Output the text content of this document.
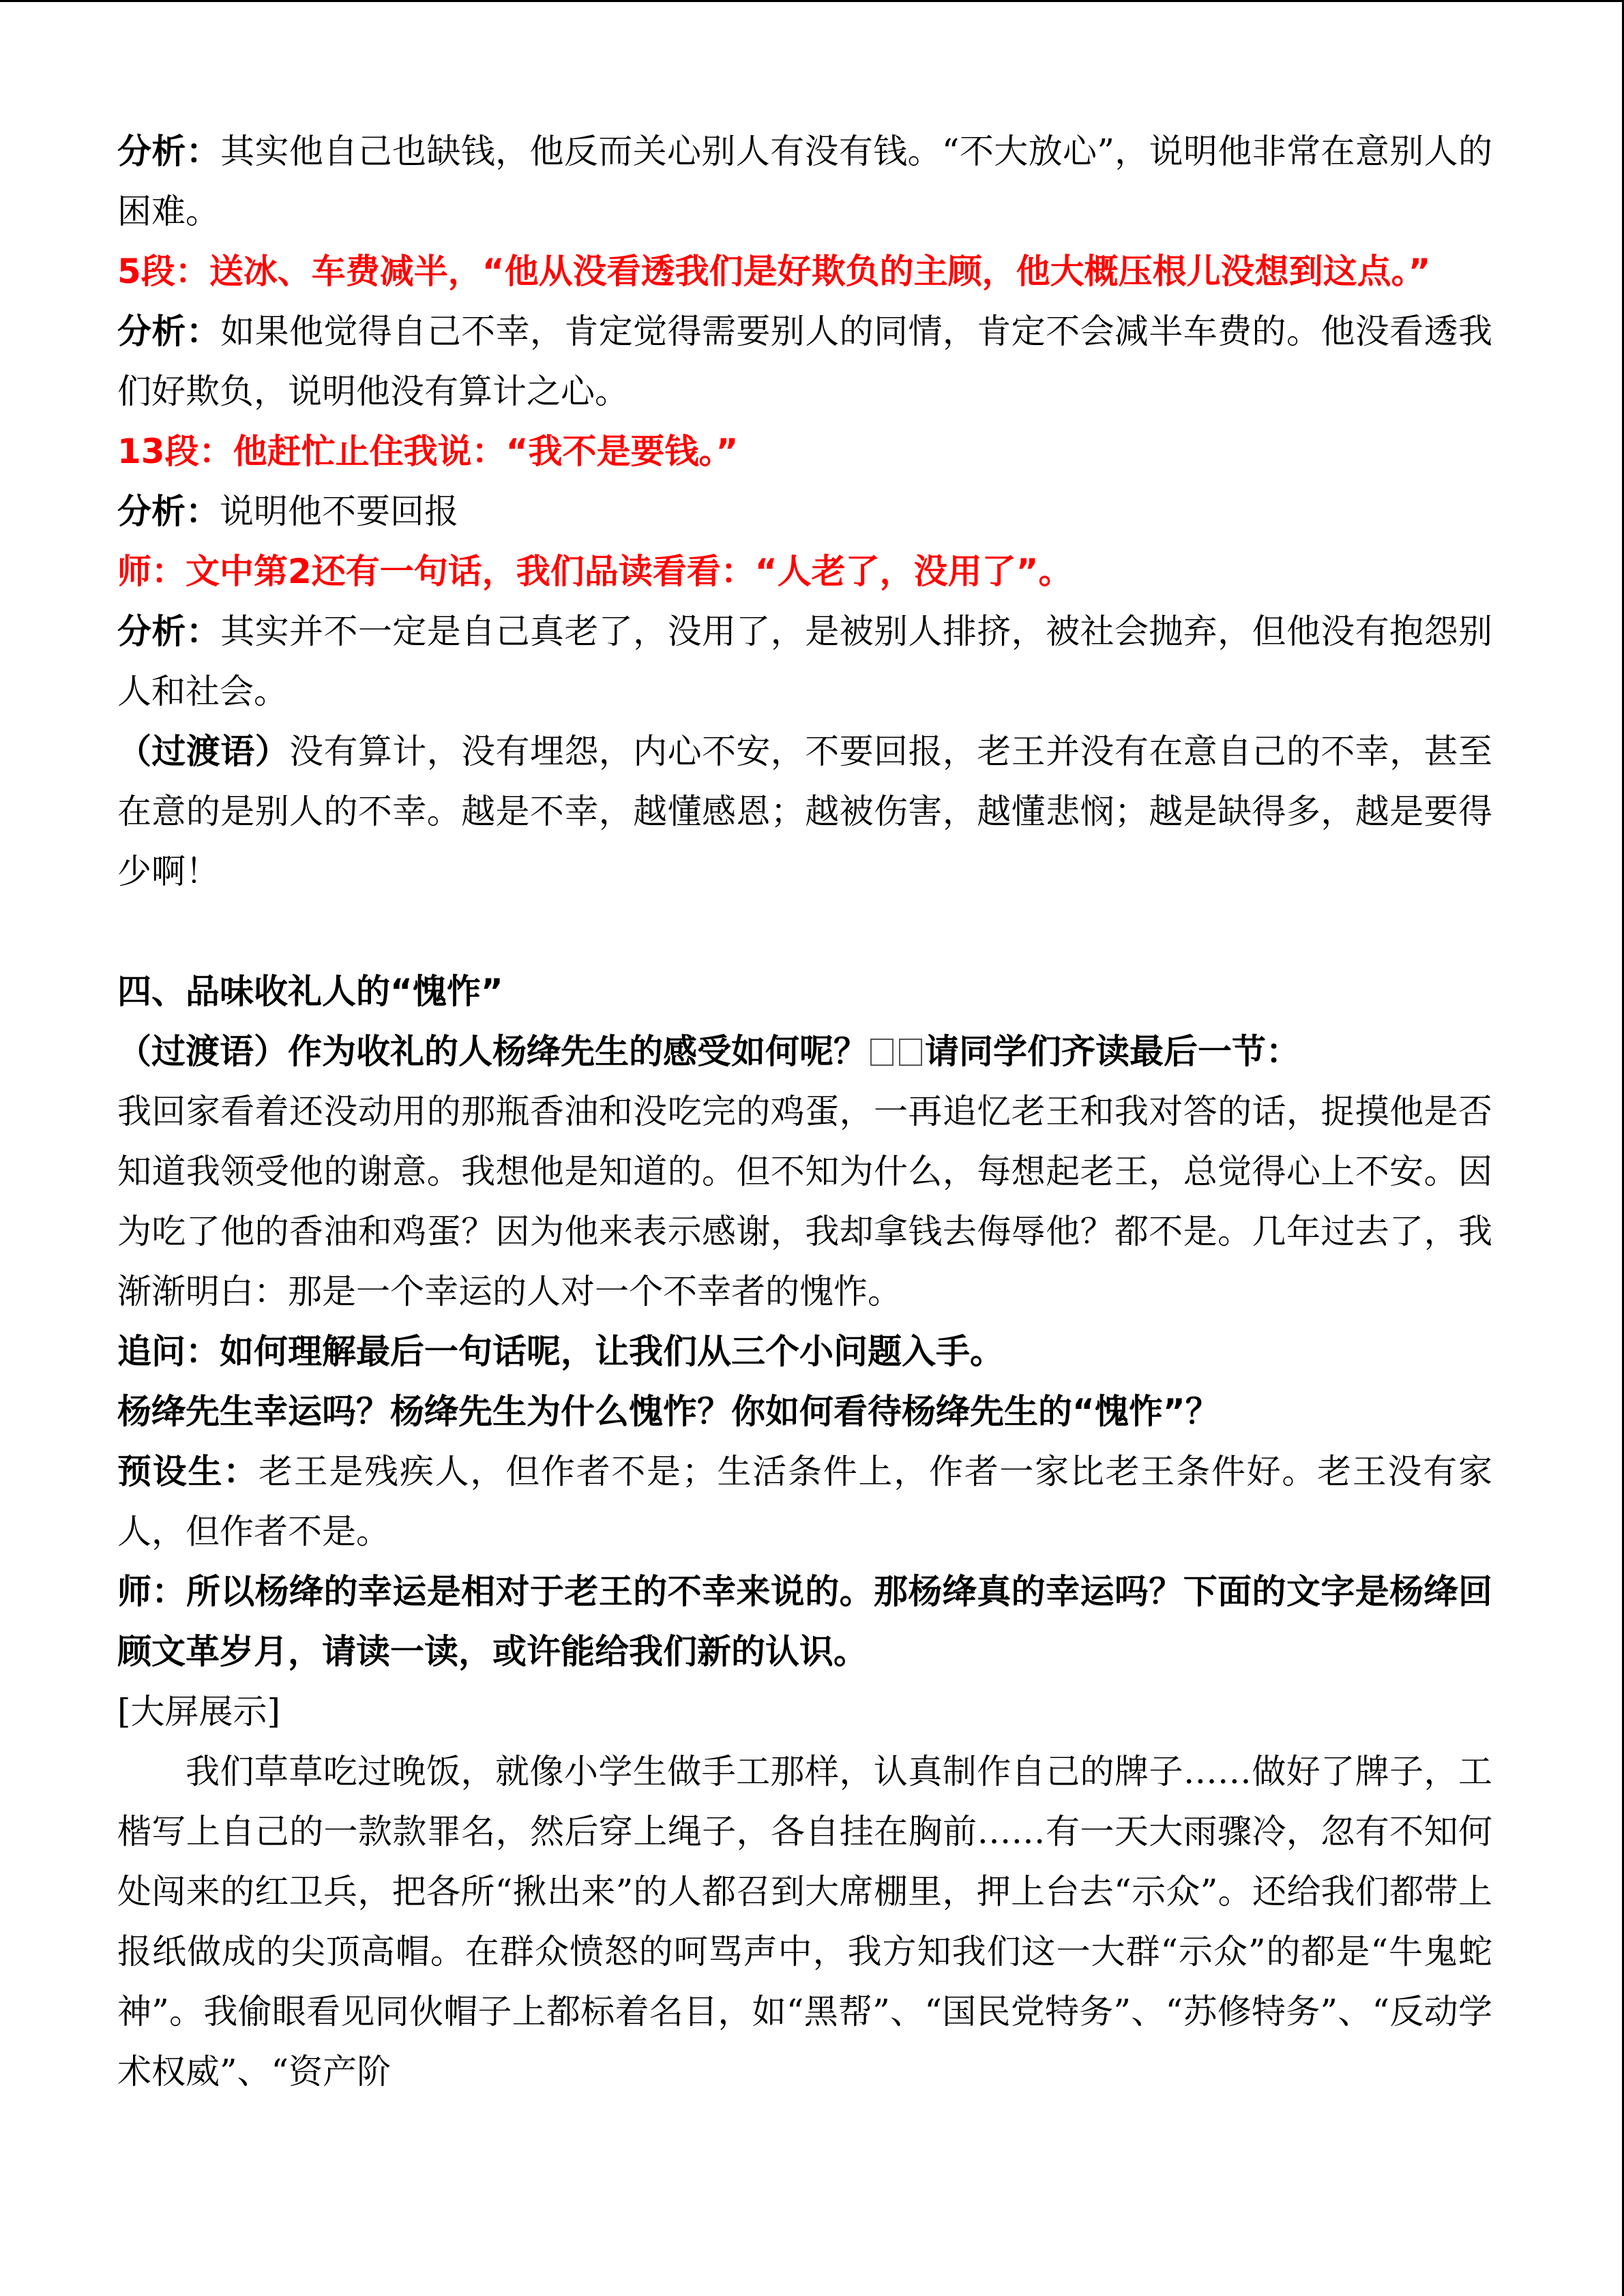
分析：其实他自己也缺钱，他反而关心别人有没有钱。“不大放心”，说明他非常在意别人的困难。

5段：送冰、车费减半，“他从没看透我们是好欺负的主顾，他大概压根儿没想到这点。”

分析：如果他觉得自己不幸，肯定觉得需要别人的同情，肯定不会减半车费的。他没看透我们好欺负，说明他没有算计之心。

13段：他赶忙止住我说：“我不是要钱。”

分析：说明他不要回报

师：文中第2还有一句话，我们品读看看：“人老了，没用了”。

分析：其实并不一定是自己真老了，没用了，是被别人排挤，被社会抛弃，但他没有抱怨别人和社会。

（过渡语）没有算计，没有埋怨，内心不安，不要回报，老王并没有在意自己的不幸，甚至在意的是别人的不幸。越是不幸，越懂感恩；越被伤害，越懂悲悯；越是缺得多，越是要得少啊！

四、品味收礼人的“愧怍”

（过渡语）作为收礼的人杨绛先生的感受如何呢？ 请同学们齐读最后一节：

我回家看着还没动用的那瓶香油和没吃完的鸡蛋，一再追忆老王和我对答的话，捉摸他是否知道我领受他的谢意。我想他是知道的。但不知为什么，每想起老王，总觉得心上不安。因为吃了他的香油和鸡蛋？因为他来表示感谢，我却拿钱去侮辱他？都不是。几年过去了，我渐渐明白：那是一个幸运的人对一个不幸者的愧怍。

追问：如何理解最后一句话呢，让我们从三个小问题入手。

杨绛先生幸运吗？杨绛先生为什么愧怍？你如何看待杨绛先生的“愧怍”？

预设生：老王是残疾人，但作者不是；生活条件上，作者一家比老王条件好。老王没有家人，但作者不是。

师：所以杨绛的幸运是相对于老王的不幸来说的。那杨绛真的幸运吗？下面的文字是杨绛回顾文革岁月，请读一读，或许能给我们新的认识。

[大屏展示]

我们草草吃过晚饭，就像小学生做手工那样，认真制作自己的牌子……做好了牌子，工楷写上自己的一款款罪名，然后穿上绳子，各自挂在胸前……有一天大雨骤冷，忽有不知何处闯来的红卫兵，把各所“揪出来”的人都召到大席棚里，押上台去“示众”。还给我们都带上报纸做成的尖顶高帽。在群众愤怒的呵骂声中，我方知我们这一大群“示众”的都是“牛鬼蛇神”。我偷眼看见同伙帽子上都标着名目，如“黑帮”、“国民党特务”、“苏修特务”、“反动学术权威”、“资产阶
